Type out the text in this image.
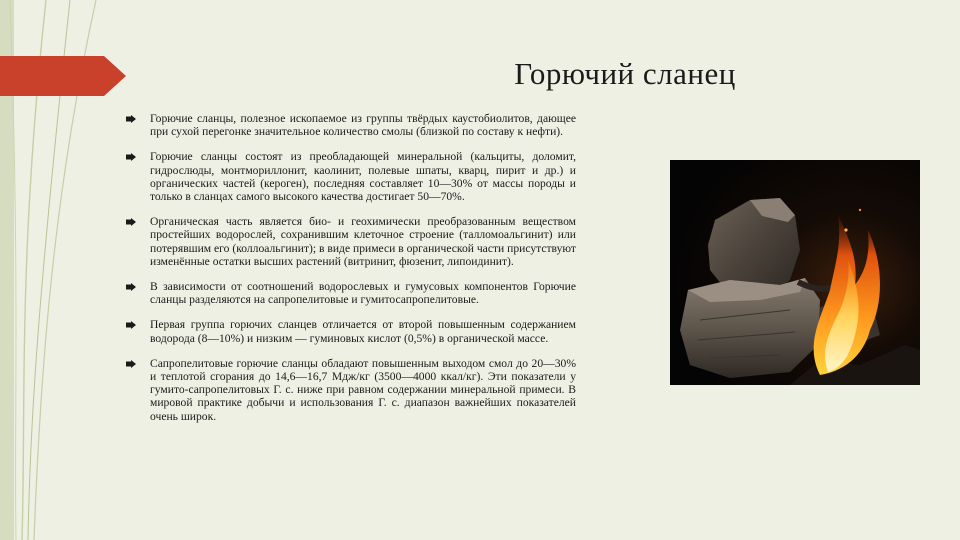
Горючий сланец
Горючие сланцы, полезное ископаемое из группы твёрдых каустобиолитов, дающее при сухой перегонке значительное количество смолы (близкой по составу к нефти).
Горючие сланцы состоят из преобладающей минеральной (кальциты, доломит, гидрослюды, монтмориллонит, каолинит, полевые шпаты, кварц, пирит и др.) и органических частей (кероген), последняя составляет 10—30% от массы породы и только в сланцах самого высокого качества достигает 50—70%.
Органическая часть является био- и геохимически преобразованным веществом простейших водорослей, сохранившим клеточное строение (талломоальгинит) или потерявшим его (коллоальгинит); в виде примеси в органической части присутствуют изменённые остатки высших растений (витринит, фюзенит, липоидинит).
В зависимости от соотношений водорослевых и гумусовых компонентов Горючие сланцы разделяются на сапропелитовые и гумитосапропелитовые.
Первая группа горючих сланцев отличается от второй повышенным содержанием водорода (8—10%) и низким — гуминовых кислот (0,5%) в органической массе.
Сапропелитовые горючие сланцы обладают повышенным выходом смол до 20—30% и теплотой сгорания до 14,6—16,7 Мдж/кг (3500—4000 ккал/кг). Эти показатели у гумито-сапропелитовых Г. с. ниже при равном содержании минеральной примеси. В мировой практике добычи и использования Г. с. диапазон важнейших показателей очень широк.
